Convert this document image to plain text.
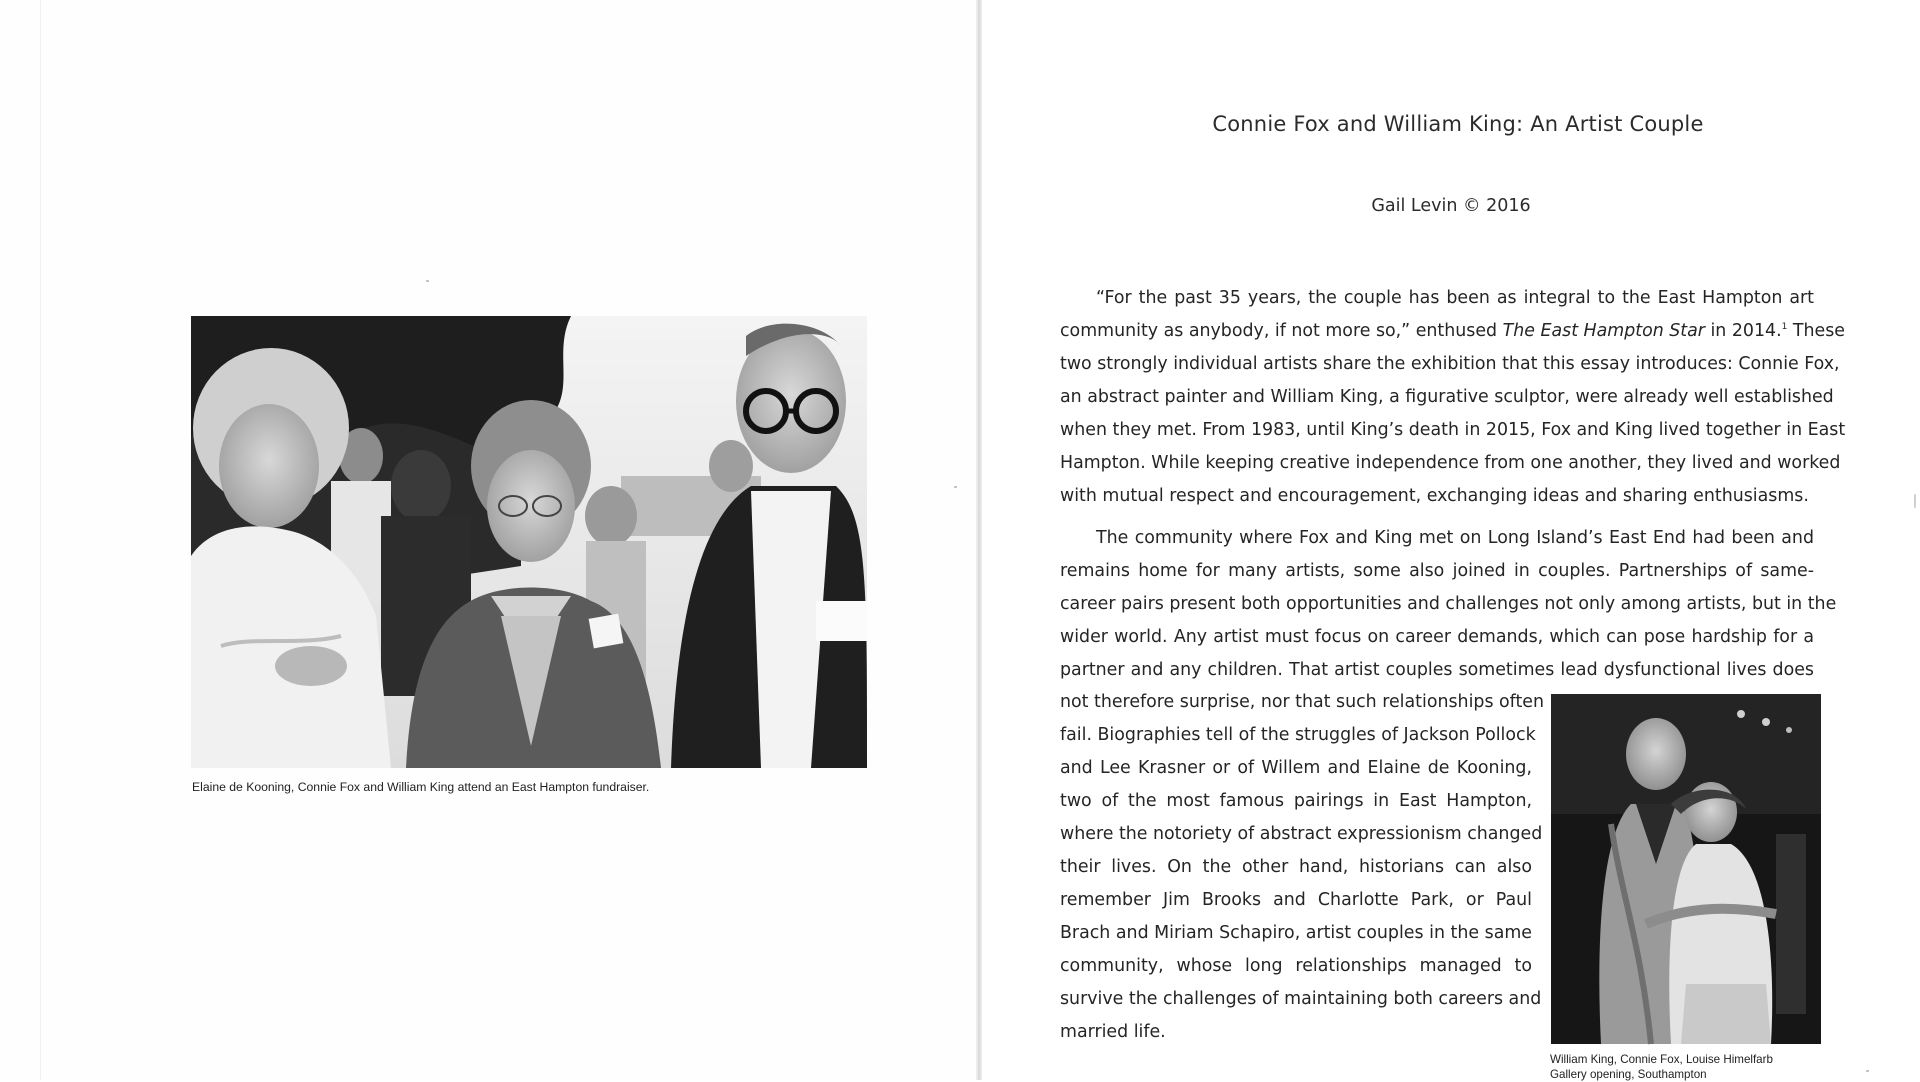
Elaine de Kooning, Connie Fox and William King attend an East Hampton fundraiser.
Connie Fox and William King: An Artist Couple
Gail Levin © 2016
“For the past 35 years, the couple has been as integral to the East Hampton art
community as anybody, if not more so,” enthused The East Hampton Star in 2014.$^1$ These
two strongly individual artists share the exhibition that this essay introduces: Connie Fox,
an abstract painter and William King, a figurative sculptor, were already well established
when they met. From 1983, until King’s death in 2015, Fox and King lived together in East
Hampton. While keeping creative independence from one another, they lived and worked
with mutual respect and encouragement, exchanging ideas and sharing enthusiasms.
The community where Fox and King met on Long Island’s East End had been and
remains home for many artists, some also joined in couples. Partnerships of same-
career pairs present both opportunities and challenges not only among artists, but in the
wider world. Any artist must focus on career demands, which can pose hardship for a
partner and any children. That artist couples sometimes lead dysfunctional lives does
not therefore surprise, nor that such relationships often
fail. Biographies tell of the struggles of Jackson Pollock
and Lee Krasner or of Willem and Elaine de Kooning,
two of the most famous pairings in East Hampton,
where the notoriety of abstract expressionism changed
their lives. On the other hand, historians can also
remember Jim Brooks and Charlotte Park, or Paul
Brach and Miriam Schapiro, artist couples in the same
community, whose long relationships managed to
survive the challenges of maintaining both careers and
married life.
William King, Connie Fox, Louise Himelfarb
Gallery opening, Southampton
